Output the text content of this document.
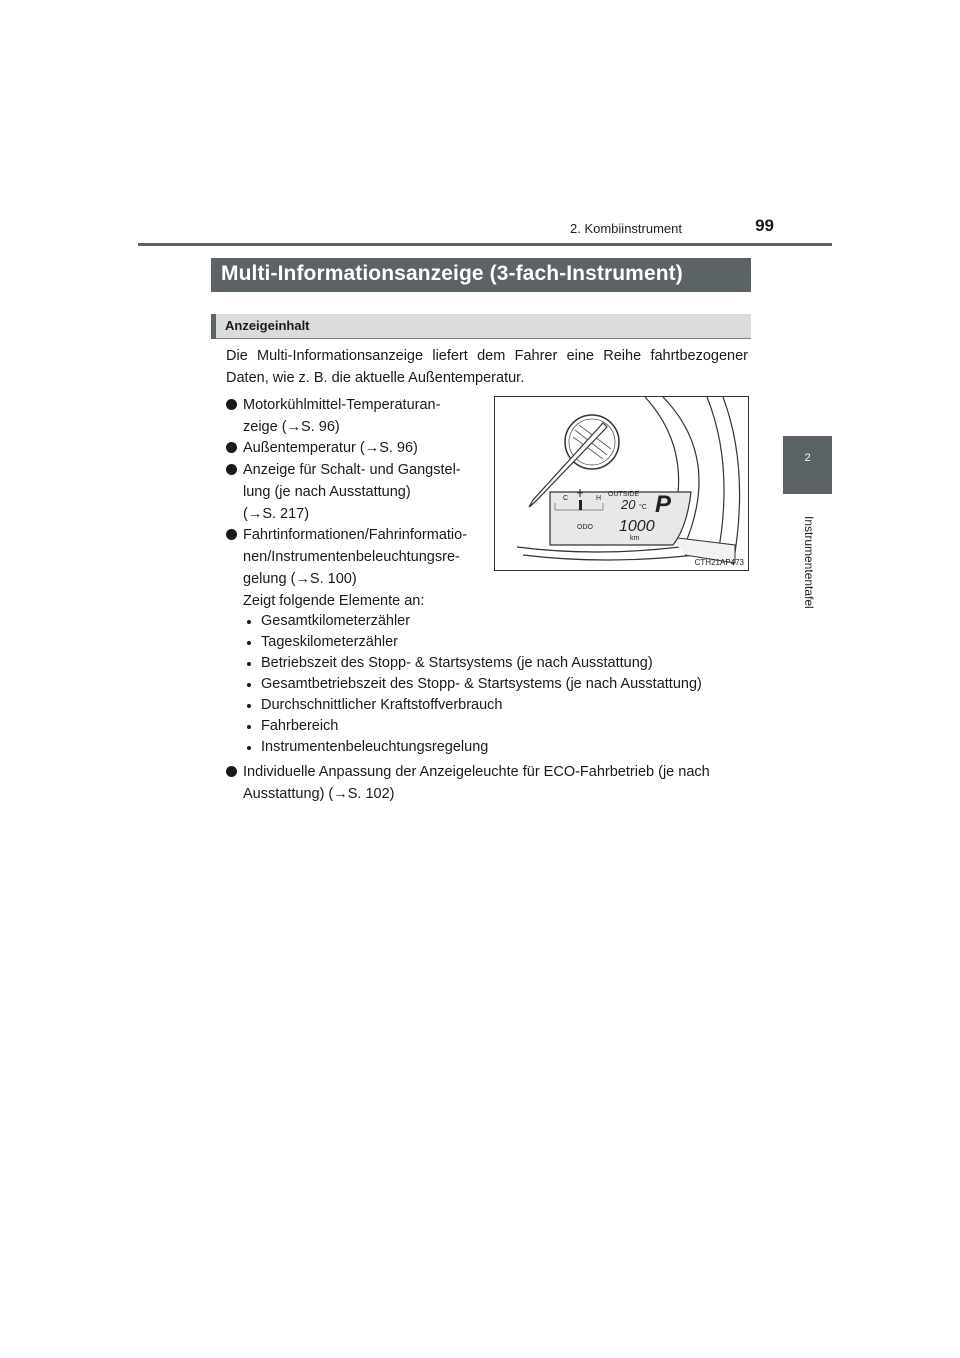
99
2. Kombiinstrument
2
Instrumententafel
Multi-Informationsanzeige (3-fach-Instrument)
Anzeigeinhalt
Die Multi-Informationsanzeige liefert dem Fahrer eine Reihe fahrtbezogener Daten, wie z. B. die aktuelle Außentemperatur.
Motorkühlmittel-Temperaturan-
zeige (→S. 96)
Außentemperatur (→S. 96)
Anzeige für Schalt- und Gangstel-
lung (je nach Ausstattung)
(→S. 217)
Fahrtinformationen/Fahrinformatio-
nen/Instrumentenbeleuchtungsre-
gelung (→S. 100)
Zeigt folgende Elemente an:
Gesamtkilometerzähler
Tageskilometerzähler
Betriebszeit des Stopp- & Startsystems (je nach Ausstattung)
Gesamtbetriebszeit des Stopp- & Startsystems (je nach Ausstattung)
Durchschnittlicher Kraftstoffverbrauch
Fahrbereich
Instrumentenbeleuchtungsregelung
Individuelle Anpassung der Anzeigeleuchte für ECO-Fahrbetrieb (je nach
Ausstattung) (→S. 102)
C	H
OUTSIDE
20 °C P
ODO 1000
km
CTH21AP473
